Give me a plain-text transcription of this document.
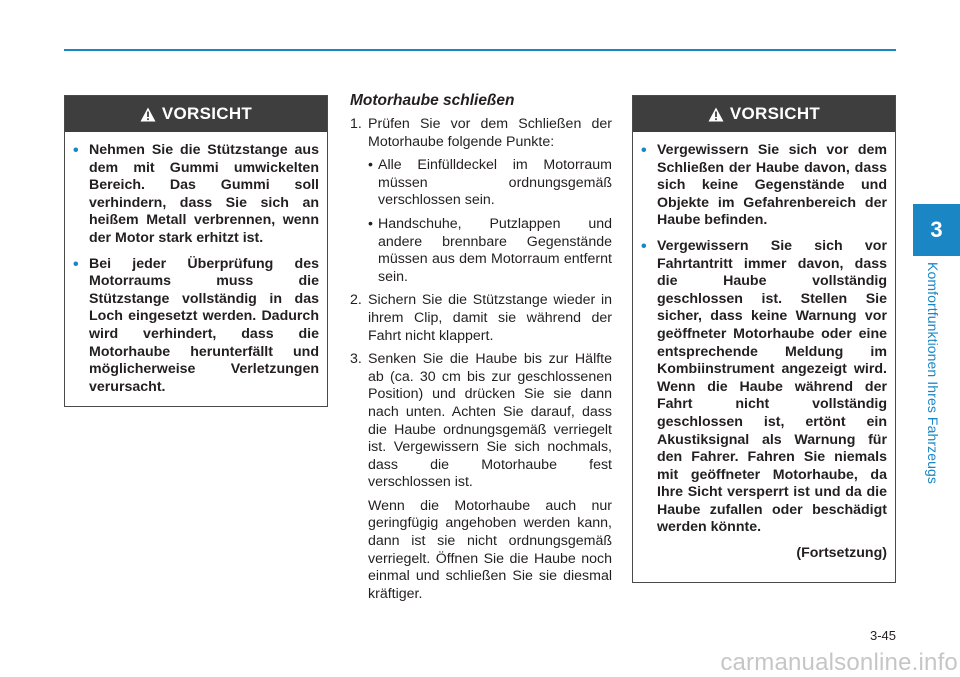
3
Komfortfunktionen Ihres Fahrzeugs
VORSICHT
• Nehmen Sie die Stützstange aus dem mit Gummi umwickelten Bereich. Das Gummi soll verhindern, dass Sie sich an heißem Metall verbrennen, wenn der Motor stark erhitzt ist.
• Bei jeder Überprüfung des Motorraums muss die Stützstange vollständig in das Loch eingesetzt werden. Dadurch wird verhindert, dass die Motorhaube herunterfällt und möglicherweise Verletzungen verursacht.
Motorhaube schließen
1. Prüfen Sie vor dem Schließen der Motorhaube folgende Punkte:
• Alle Einfülldeckel im Motorraum müssen ordnungsgemäß verschlossen sein.
• Handschuhe, Putzlappen und andere brennbare Gegenstände müssen aus dem Motorraum entfernt sein.
2. Sichern Sie die Stützstange wieder in ihrem Clip, damit sie während der Fahrt nicht klappert.
3. Senken Sie die Haube bis zur Hälfte ab (ca. 30 cm bis zur geschlossenen Position) und drücken Sie sie dann nach unten. Achten Sie darauf, dass die Haube ordnungsgemäß verriegelt ist. Vergewissern Sie sich nochmals, dass die Motorhaube fest verschlossen ist.
Wenn die Motorhaube auch nur geringfügig angehoben werden kann, dann ist sie nicht ordnungsgemäß verriegelt. Öffnen Sie die Haube noch einmal und schließen Sie sie diesmal kräftiger.
VORSICHT
• Vergewissern Sie sich vor dem Schließen der Haube davon, dass sich keine Gegenstände und Objekte im Gefahrenbereich der Haube befinden.
• Vergewissern Sie sich vor Fahrtantritt immer davon, dass die Haube vollständig geschlossen ist. Stellen Sie sicher, dass keine Warnung vor geöffneter Motorhaube oder eine entsprechende Meldung im Kombiinstrument angezeigt wird. Wenn die Haube während der Fahrt nicht vollständig geschlossen ist, ertönt ein Akustiksignal als Warnung für den Fahrer. Fahren Sie niemals mit geöffneter Motorhaube, da Ihre Sicht versperrt ist und da die Haube zufallen oder beschädigt werden könnte.
(Fortsetzung)
3-45
carmanualsonline.info
